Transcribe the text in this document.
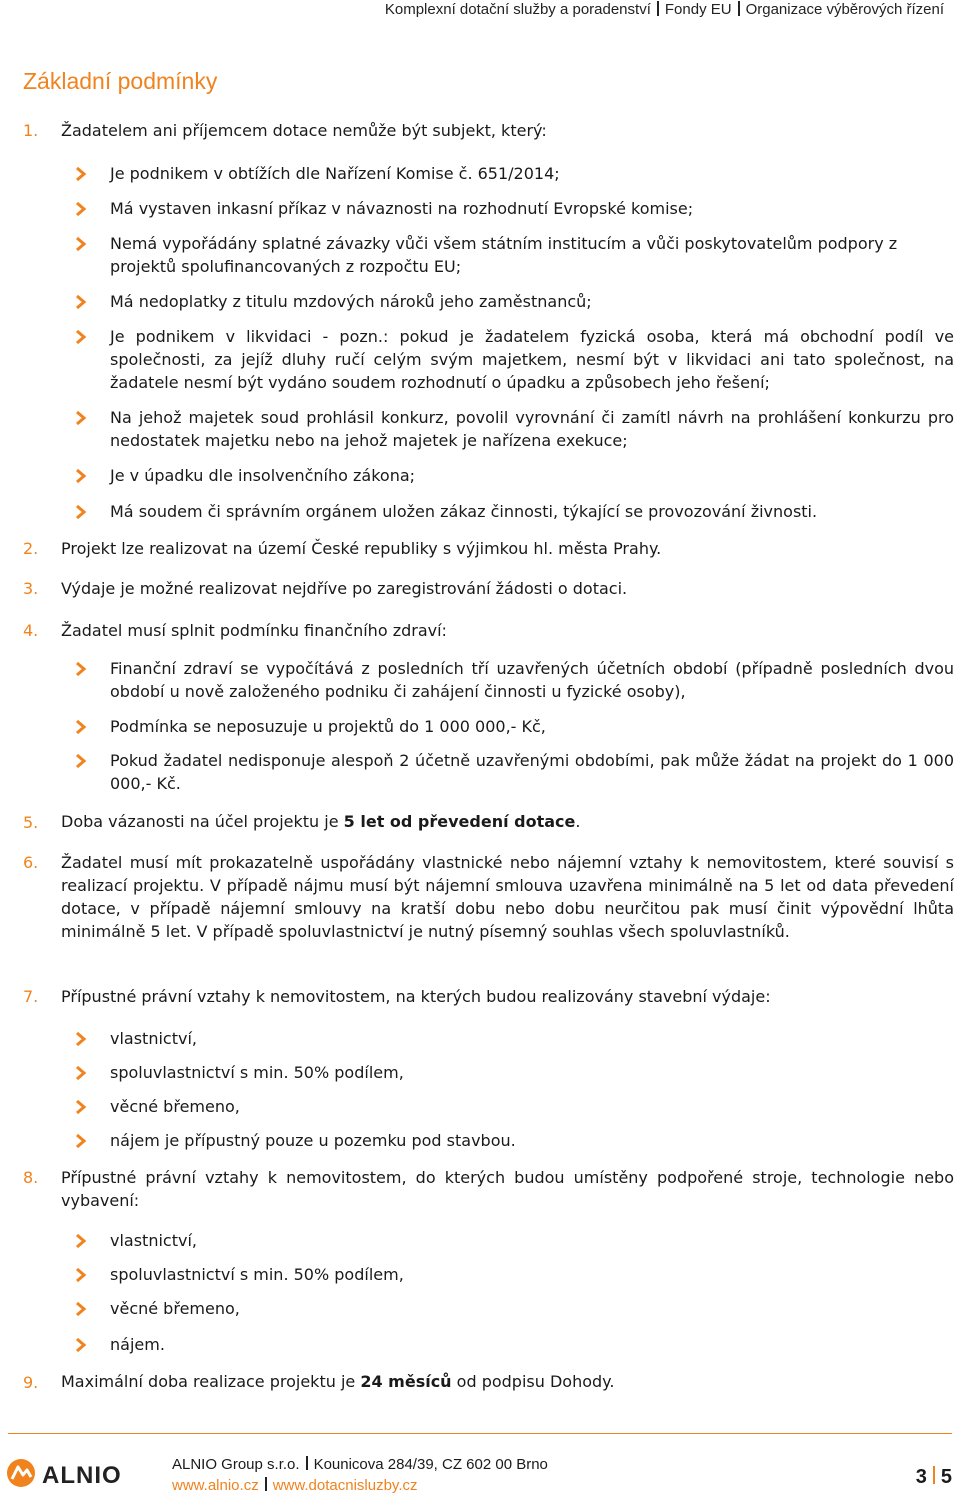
Komplexní dotační služby a poradenství Fondy EU Organizace výběrových řízení
Základní podmínky
1. Žadatelem ani příjemcem dotace nemůže být subjekt, který:
Je podnikem v obtížích dle Nařízení Komise č. 651/2014;
Má vystaven inkasní příkaz v návaznosti na rozhodnutí Evropské komise;
Nemá vypořádány splatné závazky vůči všem státním institucím a vůči poskytovatelům podpory z projektů spolufinancovaných z rozpočtu EU;
Má nedoplatky z titulu mzdových nároků jeho zaměstnanců;
Je podnikem v likvidaci - pozn.: pokud je žadatelem fyzická osoba, která má obchodní podíl ve společnosti, za jejíž dluhy ručí celým svým majetkem, nesmí být v likvidaci ani tato společnost, na žadatele nesmí být vydáno soudem rozhodnutí o úpadku a způsobech jeho řešení;
Na jehož majetek soud prohlásil konkurz, povolil vyrovnání či zamítl návrh na prohlášení konkurzu pro nedostatek majetku nebo na jehož majetek je nařízena exekuce;
Je v úpadku dle insolvenčního zákona;
Má soudem či správním orgánem uložen zákaz činnosti, týkající se provozování živnosti.
2. Projekt lze realizovat na území České republiky s výjimkou hl. města Prahy.
3. Výdaje je možné realizovat nejdříve po zaregistrování žádosti o dotaci.
4. Žadatel musí splnit podmínku finančního zdraví:
Finanční zdraví se vypočítává z posledních tří uzavřených účetních období (případně posledních dvou období u nově založeného podniku či zahájení činnosti u fyzické osoby),
Podmínka se neposuzuje u projektů do 1 000 000,- Kč,
Pokud žadatel nedisponuje alespoň 2 účetně uzavřenými obdobími, pak může žádat na projekt do 1 000 000,- Kč.
5. Doba vázanosti na účel projektu je 5 let od převedení dotace.
6. Žadatel musí mít prokazatelně uspořádány vlastnické nebo nájemní vztahy k nemovitostem, které souvisí s realizací projektu. V případě nájmu musí být nájemní smlouva uzavřena minimálně na 5 let od data převedení dotace, v případě nájemní smlouvy na kratší dobu nebo dobu neurčitou pak musí činit výpovědní lhůta minimálně 5 let. V případě spoluvlastnictví je nutný písemný souhlas všech spoluvlastníků.
7. Přípustné právní vztahy k nemovitostem, na kterých budou realizovány stavební výdaje:
vlastnictví,
spoluvlastnictví s min. 50% podílem,
věcné břemeno,
nájem je přípustný pouze u pozemku pod stavbou.
8. Přípustné právní vztahy k nemovitostem, do kterých budou umístěny podpořené stroje, technologie nebo vybavení:
vlastnictví,
spoluvlastnictví s min. 50% podílem,
věcné břemeno,
nájem.
9. Maximální doba realizace projektu je 24 měsíců od podpisu Dohody.
ALNIO	ALNIO Group s.r.o. Kounicova 284/39, CZ 602 00 Brno
www.alnio.cz www.dotacnisluzby.cz	3 5
